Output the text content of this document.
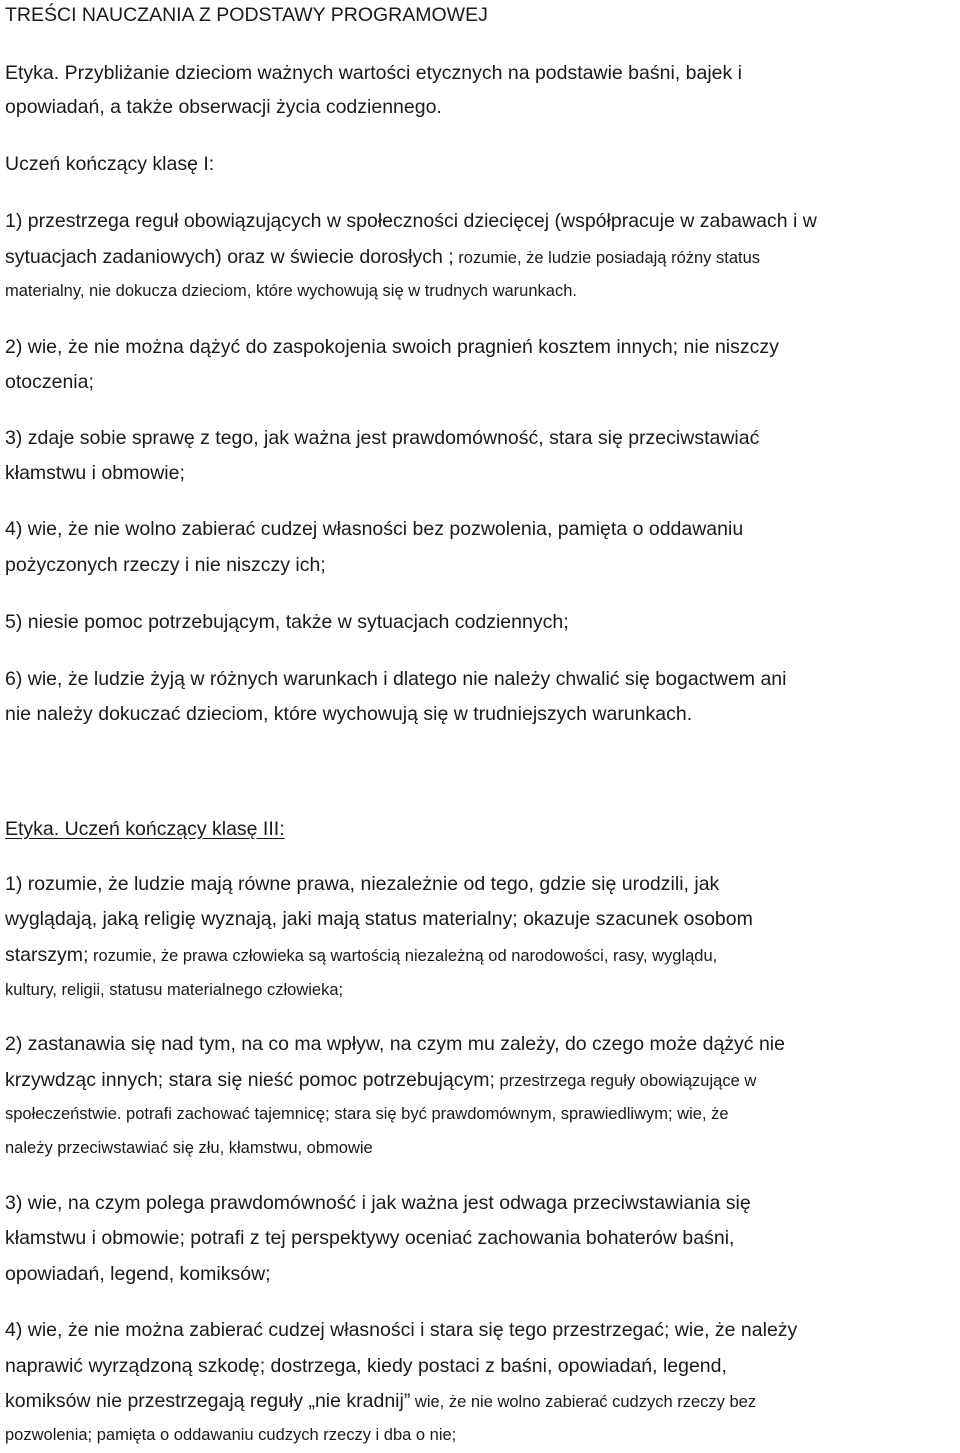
TREŚCI NAUCZANIA Z PODSTAWY PROGRAMOWEJ
Etyka. Przybliżanie dzieciom ważnych wartości etycznych na podstawie baśni, bajek i
opowiadań, a także obserwacji życia codziennego.
Uczeń kończący klasę I:
1) przestrzega reguł obowiązujących w społeczności dziecięcej (współpracuje w zabawach i w
sytuacjach zadaniowych) oraz w świecie dorosłych ; rozumie, że ludzie posiadają różny status
materialny, nie dokucza dzieciom, które wychowują się w trudnych warunkach.
2) wie, że nie można dążyć do zaspokojenia swoich pragnień kosztem innych; nie niszczy
otoczenia;
3) zdaje sobie sprawę z tego, jak ważna jest prawdomówność, stara się przeciwstawiać
kłamstwu i obmowie;
4) wie, że nie wolno zabierać cudzej własności bez pozwolenia, pamięta o oddawaniu
pożyczonych rzeczy i nie niszczy ich;
5) niesie pomoc potrzebującym, także w sytuacjach codziennych;
6) wie, że ludzie żyją w różnych warunkach i dlatego nie należy chwalić się bogactwem ani
nie należy dokuczać dzieciom, które wychowują się w trudniejszych warunkach.
Etyka. Uczeń kończący klasę III:
1) rozumie, że ludzie mają równe prawa, niezależnie od tego, gdzie się urodzili, jak
wyglądają, jaką religię wyznają, jaki mają status materialny; okazuje szacunek osobom
starszym; rozumie, że prawa człowieka są wartością niezależną od narodowości, rasy, wyglądu,
kultury, religii, statusu materialnego człowieka;
2) zastanawia się nad tym, na co ma wpływ, na czym mu zależy, do czego może dążyć nie
krzywdząc innych; stara się nieść pomoc potrzebującym; przestrzega reguły obowiązujące w
społeczeństwie. potrafi zachować tajemnicę; stara się być prawdomównym, sprawiedliwym; wie, że
należy przeciwstawiać się złu, kłamstwu, obmowie
3) wie, na czym polega prawdomówność i jak ważna jest odwaga przeciwstawiania się
kłamstwu i obmowie; potrafi z tej perspektywy oceniać zachowania bohaterów baśni,
opowiadań, legend, komiksów;
4) wie, że nie można zabierać cudzej własności i stara się tego przestrzegać; wie, że należy
naprawić wyrządzoną szkodę; dostrzega, kiedy postaci z baśni, opowiadań, legend,
komiksów nie przestrzegają reguły „nie kradnij” wie, że nie wolno zabierać cudzych rzeczy bez
pozwolenia; pamięta o oddawaniu cudzych rzeczy i dba o nie;
